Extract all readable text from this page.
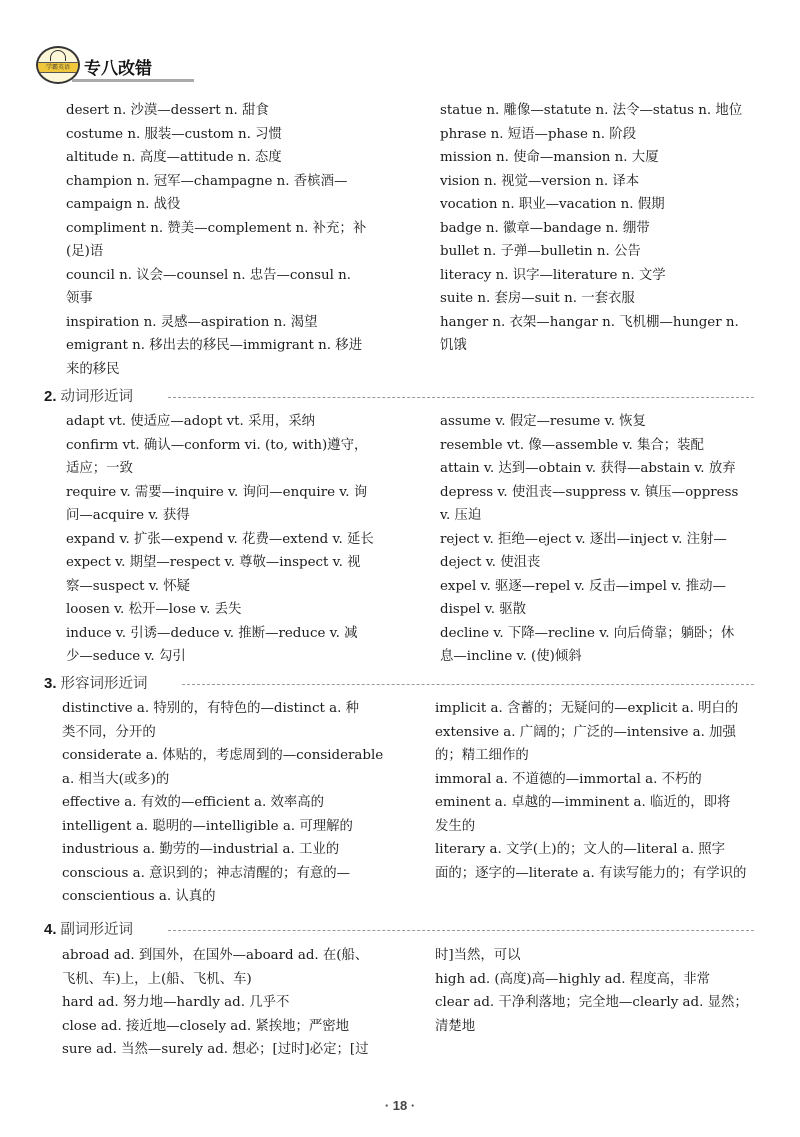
学霸英语 专八改错

desert n. 沙漠—dessert n. 甜食

costume n. 服装—custom n. 习惯

altitude n. 高度—attitude n. 态度

champion n. 冠军—champagne n. 香槟酒—

campaign n. 战役

compliment n. 赞美—complement n. 补充；补

(足)语

council n. 议会—counsel n. 忠告—consul n.

领事

inspiration n. 灵感—aspiration n. 渴望

emigrant n. 移出去的移民—immigrant n. 移进

来的移民

statue n. 雕像—statute n. 法令—status n. 地位

phrase n. 短语—phase n. 阶段

mission n. 使命—mansion n. 大厦

vision n. 视觉—version n. 译本

vocation n. 职业—vacation n. 假期

badge n. 徽章—bandage n. 绷带

bullet n. 子弹—bulletin n. 公告

literacy n. 识字—literature n. 文学

suite n. 套房—suit n. 一套衣服

hanger n. 衣架—hangar n. 飞机棚—hunger n.

饥饿

2. 动词形近词

adapt vt. 使适应—adopt vt. 采用，采纳

confirm vt. 确认—conform vi. (to, with)遵守，

适应；一致

require v. 需要—inquire v. 询问—enquire v. 询

问—acquire v. 获得

expand v. 扩张—expend v. 花费—extend v. 延长

expect v. 期望—respect v. 尊敬—inspect v. 视

察—suspect v. 怀疑

loosen v. 松开—lose v. 丢失

induce v. 引诱—deduce v. 推断—reduce v. 减

少—seduce v. 勾引

assume v. 假定—resume v. 恢复

resemble vt. 像—assemble v. 集合；装配

attain v. 达到—obtain v. 获得—abstain v. 放弃

depress v. 使沮丧—suppress v. 镇压—oppress

v. 压迫

reject v. 拒绝—eject v. 逐出—inject v. 注射—

deject v. 使沮丧

expel v. 驱逐—repel v. 反击—impel v. 推动—

dispel v. 驱散

decline v. 下降—recline v. 向后倚靠；躺卧；休

息—incline v. (使)倾斜

3. 形容词形近词

distinctive a. 特别的，有特色的—distinct a. 种

类不同，分开的

considerate a. 体贴的，考虑周到的—considerable

a. 相当大(或多)的

effective a. 有效的—efficient a. 效率高的

intelligent a. 聪明的—intelligible a. 可理解的

industrious a. 勤劳的—industrial a. 工业的

conscious a. 意识到的；神志清醒的；有意的—

conscientious a. 认真的

implicit a. 含蓄的；无疑问的—explicit a. 明白的

extensive a. 广阔的；广泛的—intensive a. 加强

的；精工细作的

immoral a. 不道德的—immortal a. 不朽的

eminent a. 卓越的—imminent a. 临近的，即将

发生的

literary a. 文学(上)的；文人的—literal a. 照字

面的；逐字的—literate a. 有读写能力的；有学识的

4. 副词形近词

abroad ad. 到国外，在国外—aboard ad. 在(船、

飞机、车)上，上(船、飞机、车)

hard ad. 努力地—hardly ad. 几乎不

close ad. 接近地—closely ad. 紧挨地；严密地

sure ad. 当然—surely ad. 想必；[过时]必定；[过

时]当然，可以

high ad. (高度)高—highly ad. 程度高，非常

clear ad. 干净利落地；完全地—clearly ad. 显然；

清楚地

· 18 ·
